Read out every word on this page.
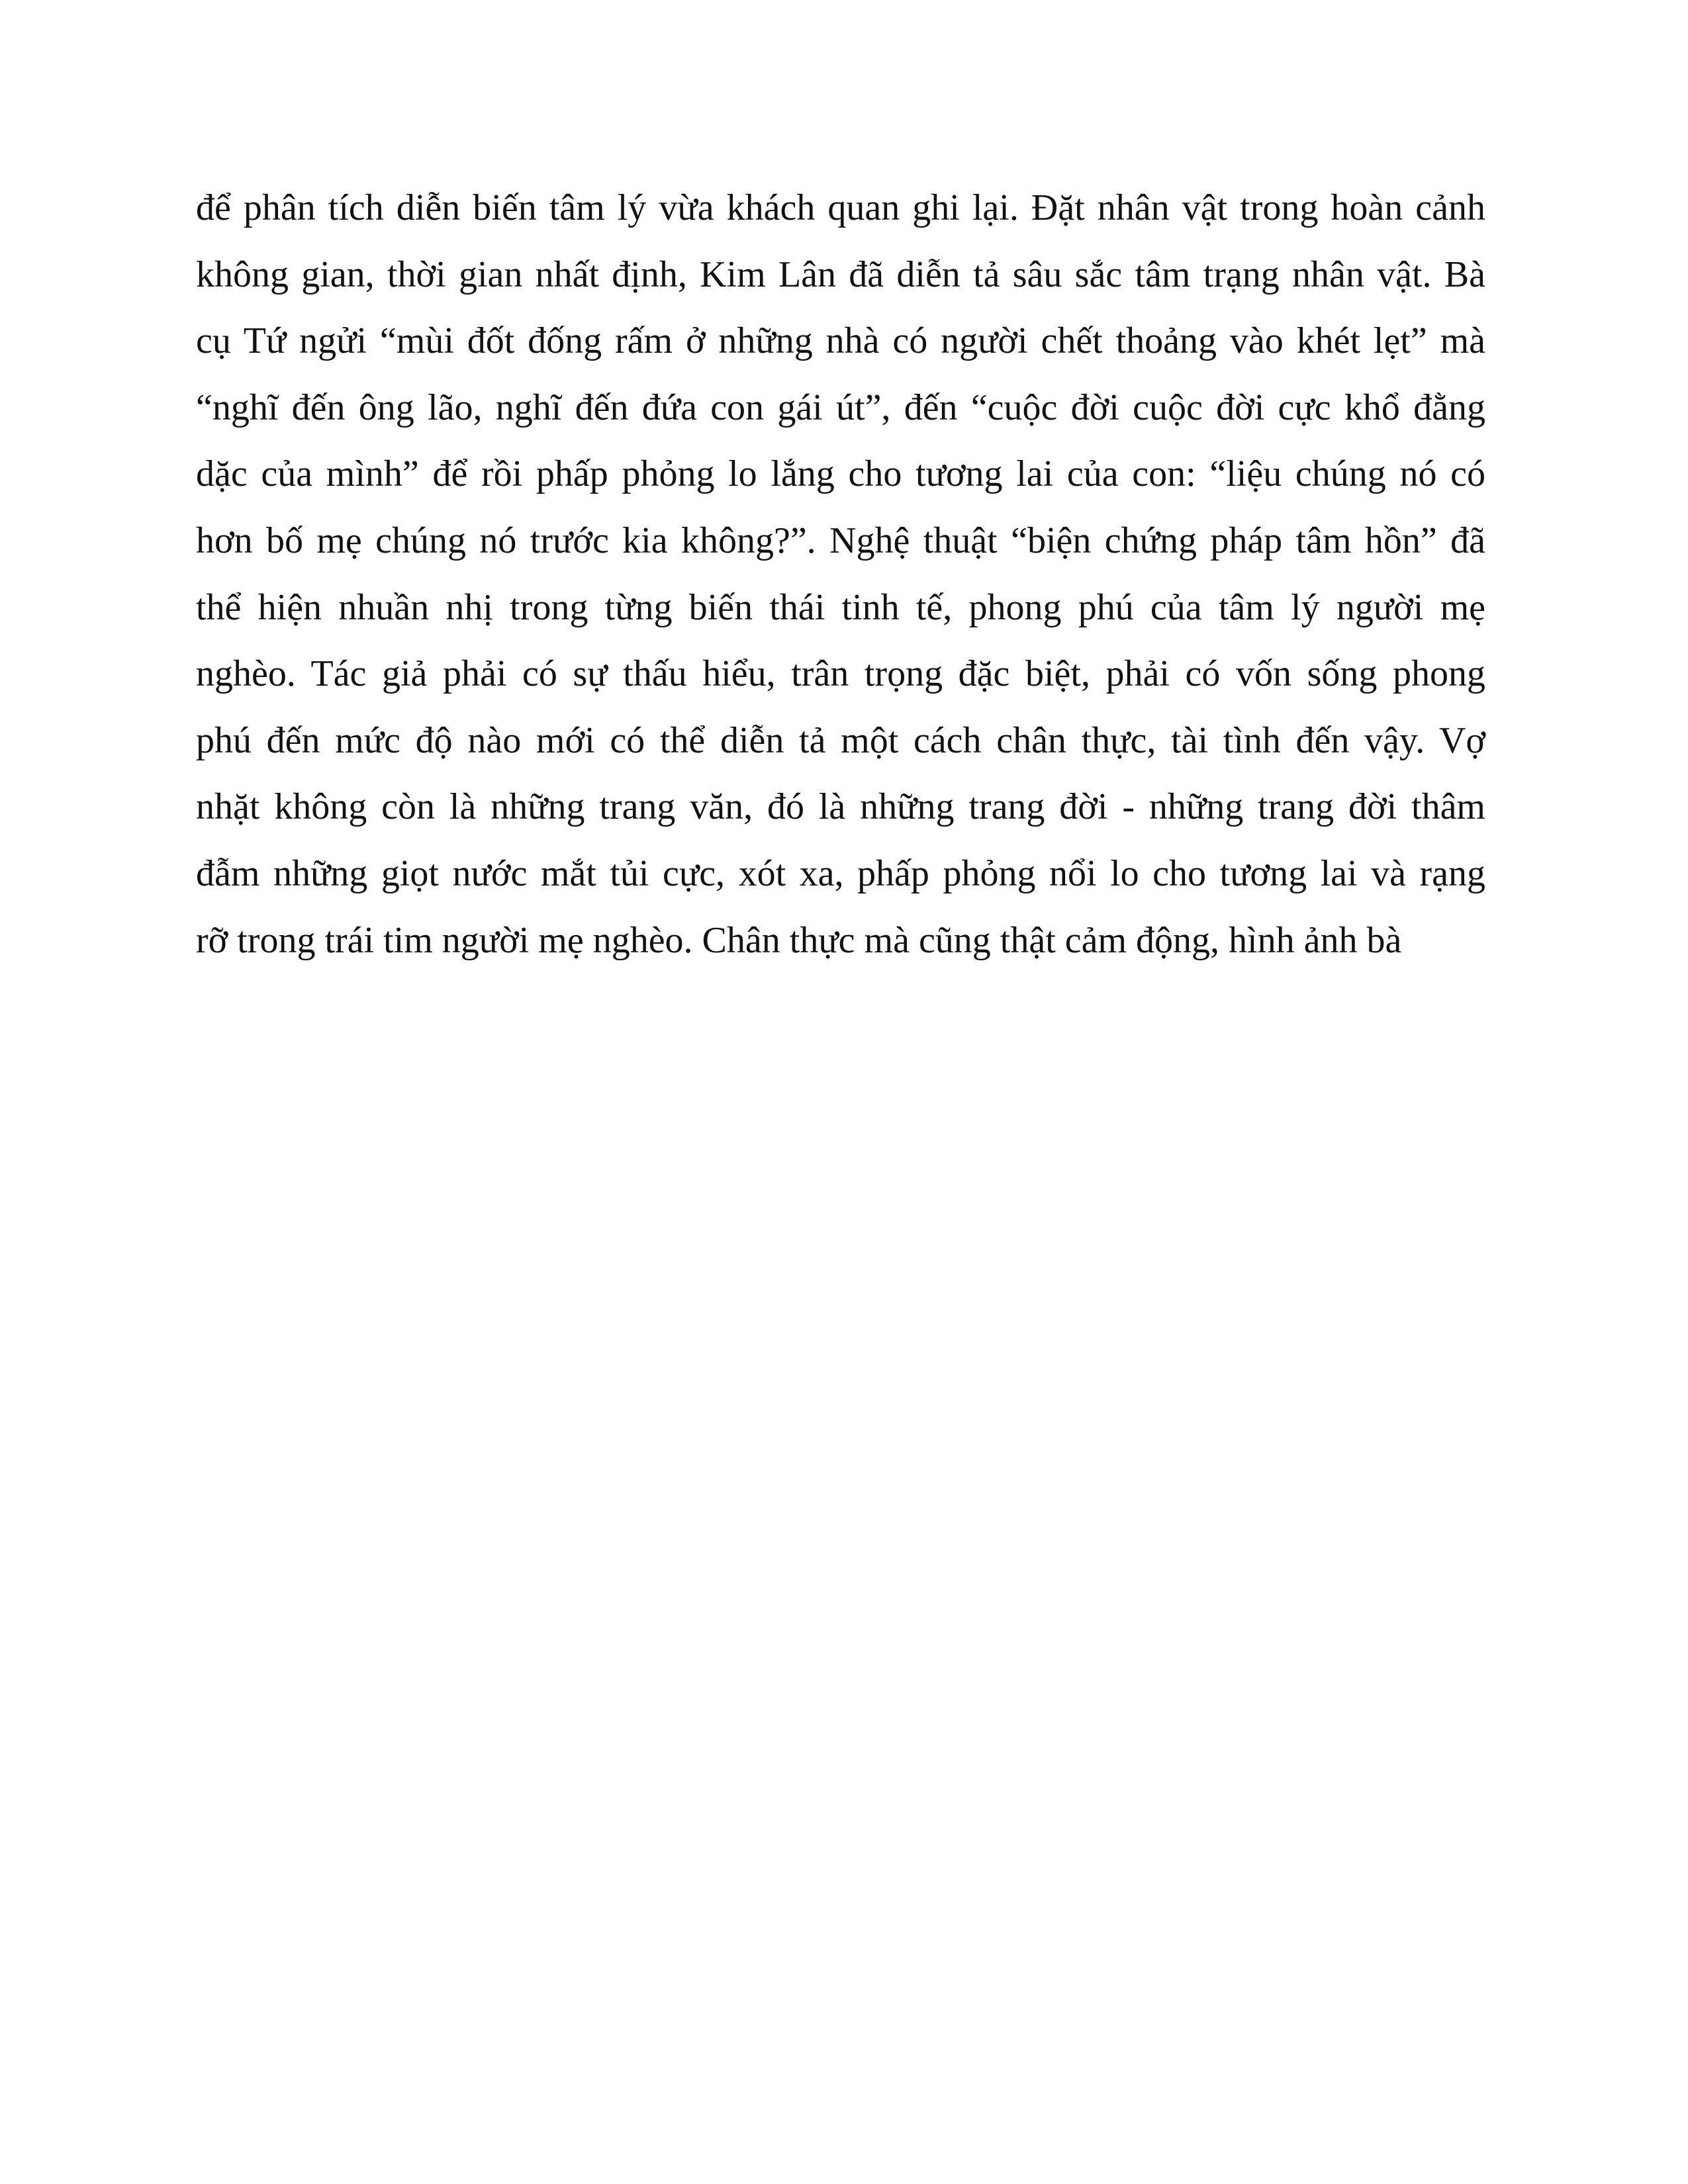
để phân tích diễn biến tâm lý vừa khách quan ghi lại. Đặt nhân vật trong hoàn cảnh
không gian, thời gian nhất định, Kim Lân đã diễn tả sâu sắc tâm trạng nhân vật. Bà
cụ Tứ ngửi “mùi đốt đống rấm ở những nhà có người chết thoảng vào khét lẹt” mà
“nghĩ đến ông lão, nghĩ đến đứa con gái út”, đến “cuộc đời cuộc đời cực khổ đằng
dặc của mình” để rồi phấp phỏng lo lắng cho tương lai của con: “liệu chúng nó có
hơn bố mẹ chúng nó trước kia không?”. Nghệ thuật “biện chứng pháp tâm hồn” đã
thể hiện nhuần nhị trong từng biến thái tinh tế, phong phú của tâm lý người mẹ
nghèo. Tác giả phải có sự thấu hiểu, trân trọng đặc biệt, phải có vốn sống phong
phú đến mức độ nào mới có thể diễn tả một cách chân thực, tài tình đến vậy. Vợ
nhặt không còn là những trang văn, đó là những trang đời - những trang đời thâm
đẫm những giọt nước mắt tủi cực, xót xa, phấp phỏng nổi lo cho tương lai và rạng
rỡ trong trái tim người mẹ nghèo. Chân thực mà cũng thật cảm động, hình ảnh bà
